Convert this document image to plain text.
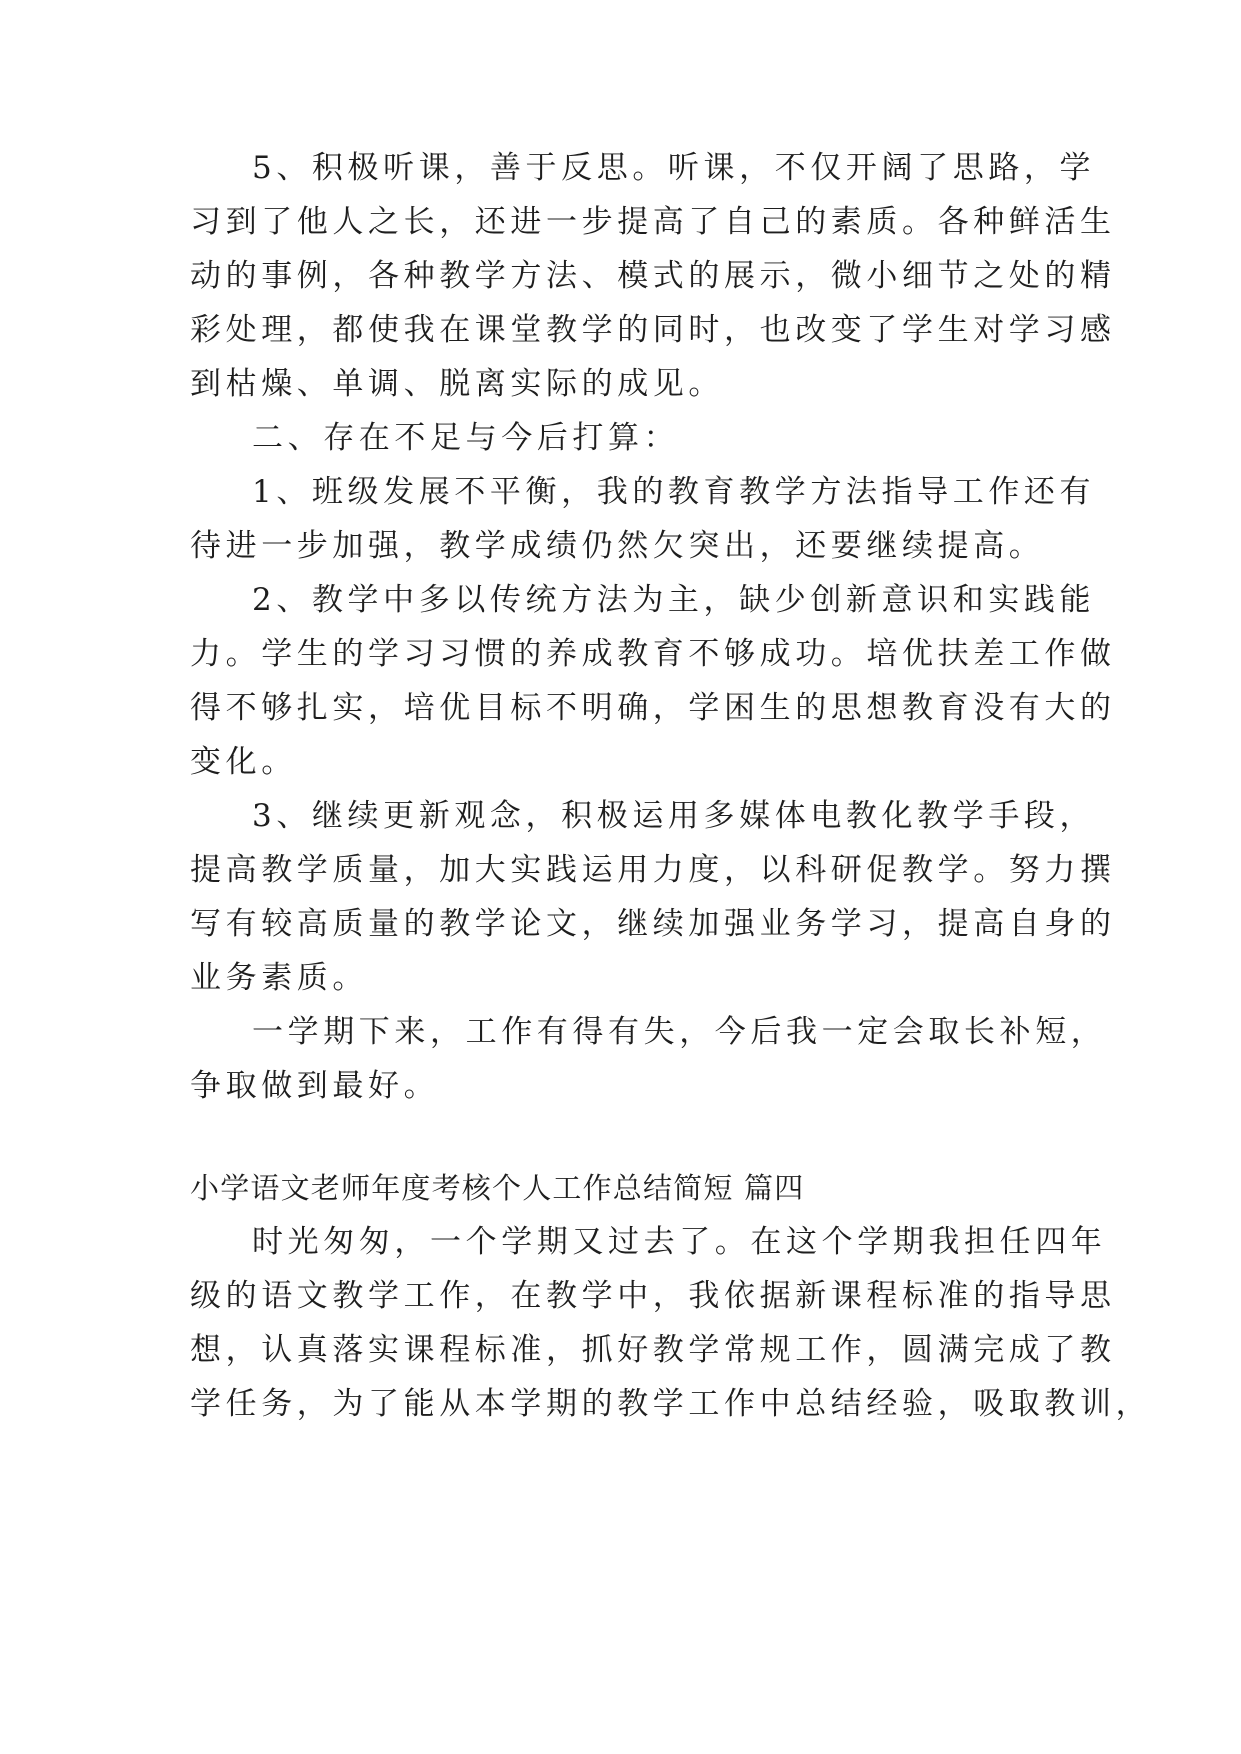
5、积极听课，善于反思。听课，不仅开阔了思路，学
习到了他人之长，还进一步提高了自己的素质。各种鲜活生
动的事例，各种教学方法、模式的展示，微小细节之处的精
彩处理，都使我在课堂教学的同时，也改变了学生对学习感
到枯燥、单调、脱离实际的成见。
二、存在不足与今后打算：
1、班级发展不平衡，我的教育教学方法指导工作还有
待进一步加强，教学成绩仍然欠突出，还要继续提高。
2、教学中多以传统方法为主，缺少创新意识和实践能
力。学生的学习习惯的养成教育不够成功。培优扶差工作做
得不够扎实，培优目标不明确，学困生的思想教育没有大的
变化。
3、继续更新观念，积极运用多媒体电教化教学手段，
提高教学质量，加大实践运用力度，以科研促教学。努力撰
写有较高质量的教学论文，继续加强业务学习，提高自身的
业务素质。
一学期下来，工作有得有失，今后我一定会取长补短，
争取做到最好。
小学语文老师年度考核个人工作总结简短 篇四
时光匆匆，一个学期又过去了。在这个学期我担任四年
级的语文教学工作，在教学中，我依据新课程标准的指导思
想，认真落实课程标准，抓好教学常规工作，圆满完成了教
学任务，为了能从本学期的教学工作中总结经验，吸取教训，
